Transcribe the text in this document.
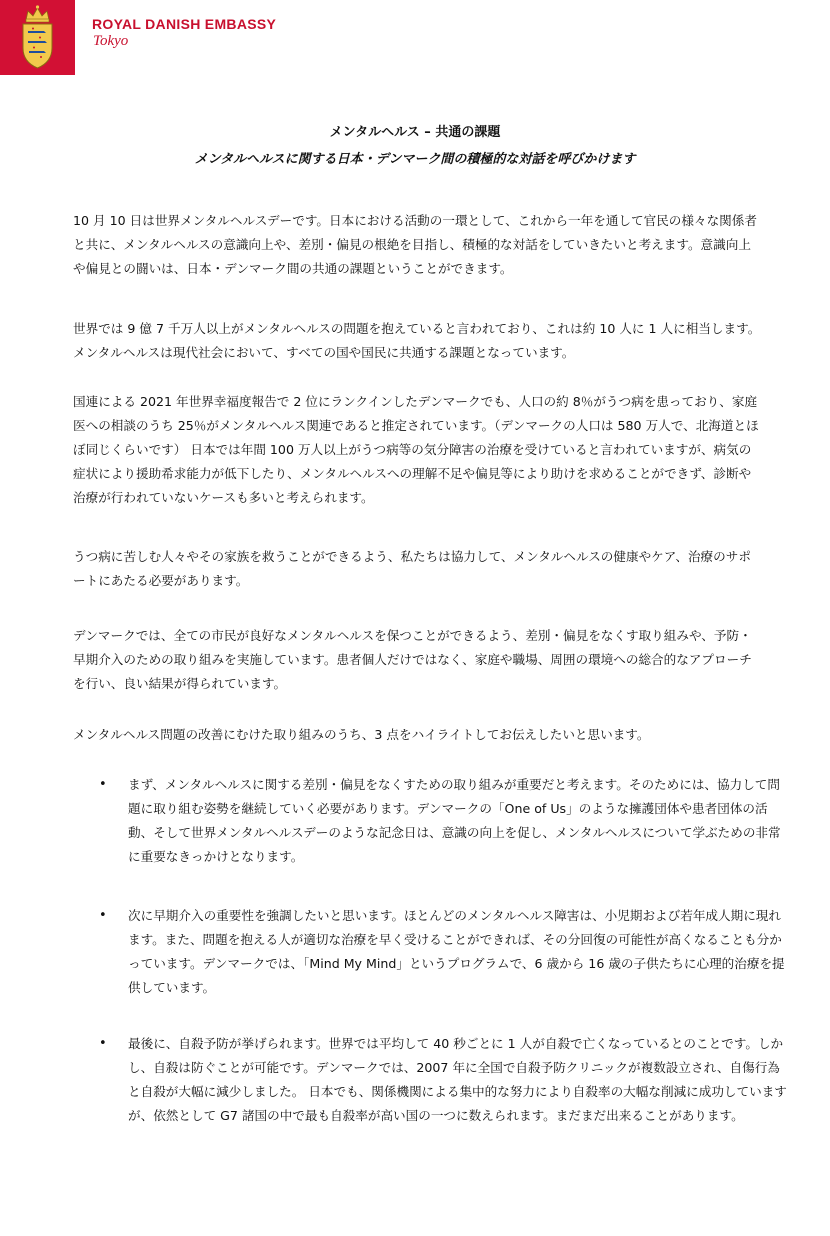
ROYAL DANISH EMBASSY
Tokyo
メンタルヘルス – 共通の課題
メンタルヘルスに関する日本・デンマーク間の積極的な対話を呼びかけます

10 月 10 日は世界メンタルヘルスデーです。日本における活動の一環として、これから一年を通して官民の様々な関係者と共に、メンタルヘルスの意識向上や、差別・偏見の根絶を目指し、積極的な対話をしていきたいと考えます。意識向上や偏見との闘いは、日本・デンマーク間の共通の課題ということができます。

世界では 9 億 7 千万人以上がメンタルヘルスの問題を抱えていると言われており、これは約 10 人に 1 人に相当します。メンタルヘルスは現代社会において、すべての国や国民に共通する課題となっています。

国連による 2021 年世界幸福度報告で 2 位にランクインしたデンマークでも、人口の約 8％がうつ病を患っており、家庭医への相談のうち 25％がメンタルヘルス関連であると推定されています。（デンマークの人口は 580 万人で、北海道とほぼ同じくらいです） 日本では年間 100 万人以上がうつ病等の気分障害の治療を受けていると言われていますが、病気の症状により援助希求能力が低下したり、メンタルヘルスへの理解不足や偏見等により助けを求めることができず、診断や治療が行われていないケースも多いと考えられます。

うつ病に苦しむ人々やその家族を救うことができるよう、私たちは協力して、メンタルヘルスの健康やケア、治療のサポートにあたる必要があります。

デンマークでは、全ての市民が良好なメンタルヘルスを保つことができるよう、差別・偏見をなくす取り組みや、予防・早期介入のための取り組みを実施しています。患者個人だけではなく、家庭や職場、周囲の環境への総合的なアプローチを行い、良い結果が得られています。

メンタルヘルス問題の改善にむけた取り組みのうち、3 点をハイライトしてお伝えしたいと思います。

• まず、メンタルヘルスに関する差別・偏見をなくすための取り組みが重要だと考えます。そのためには、協力して問題に取り組む姿勢を継続していく必要があります。デンマークの「One of Us」のような擁護団体や患者団体の活動、そして世界メンタルヘルスデーのような記念日は、意識の向上を促し、メンタルヘルスについて学ぶための非常に重要なきっかけとなります。

• 次に早期介入の重要性を強調したいと思います。ほとんどのメンタルヘルス障害は、小児期および若年成人期に現れます。また、問題を抱える人が適切な治療を早く受けることができれば、その分回復の可能性が高くなることも分かっています。デンマークでは、「Mind My Mind」というプログラムで、6 歳から 16 歳の子供たちに心理的治療を提供しています。

• 最後に、自殺予防が挙げられます。世界では平均して 40 秒ごとに 1 人が自殺で亡くなっているとのことです。しかし、自殺は防ぐことが可能です。デンマークでは、2007 年に全国で自殺予防クリニックが複数設立され、自傷行為と自殺が大幅に減少しました。 日本でも、関係機関による集中的な努力により自殺率の大幅な削減に成功していますが、依然として G7 諸国の中で最も自殺率が高い国の一つに数えられます。まだまだ出来ることがあります。
